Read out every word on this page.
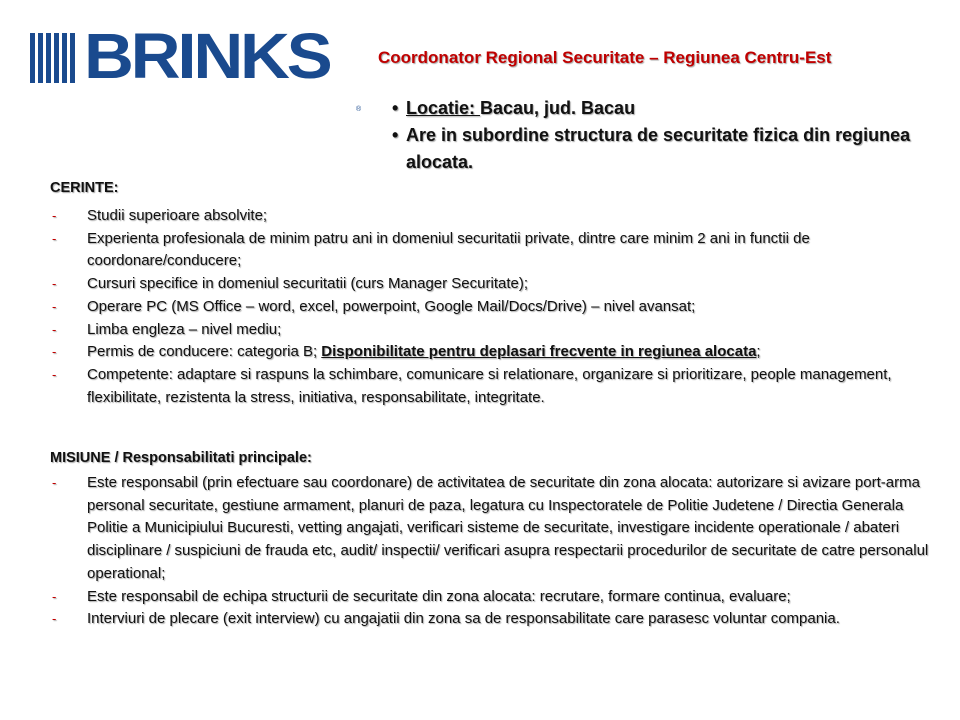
BRINKS
®
Coordonator Regional Securitate – Regiunea Centru-Est
• Locatie: Bacau, jud. Bacau
• Are in subordine structura de securitate fizica din regiunea alocata.
CERINTE:
- Studii superioare absolvite;
- Experienta profesionala de minim patru ani in domeniul securitatii private, dintre care minim 2 ani in functii de coordonare/conducere;
- Cursuri specifice in domeniul securitatii (curs Manager Securitate);
- Operare PC (MS Office – word, excel, powerpoint, Google Mail/Docs/Drive) – nivel avansat;
- Limba engleza – nivel mediu;
- Permis de conducere: categoria B; Disponibilitate pentru deplasari frecvente in regiunea alocata;
- Competente: adaptare si raspuns la schimbare, comunicare si relationare, organizare si prioritizare, people management, flexibilitate, rezistenta la stress, initiativa, responsabilitate, integritate.
MISIUNE / Responsabilitati principale:
- Este responsabil (prin efectuare sau coordonare) de activitatea de securitate din zona alocata: autorizare si avizare port-arma personal securitate, gestiune armament, planuri de paza, legatura cu Inspectoratele de Politie Judetene / Directia Generala Politie a Municipiului Bucuresti, vetting angajati, verificari sisteme de securitate, investigare incidente operationale / abateri disciplinare / suspiciuni de frauda etc, audit/ inspectii/ verificari asupra respectarii procedurilor de securitate de catre personalul operational;
- Este responsabil de echipa structurii de securitate din zona alocata: recrutare, formare continua, evaluare;
- Interviuri de plecare (exit interview) cu angajatii din zona sa de responsabilitate care parasesc voluntar compania.
